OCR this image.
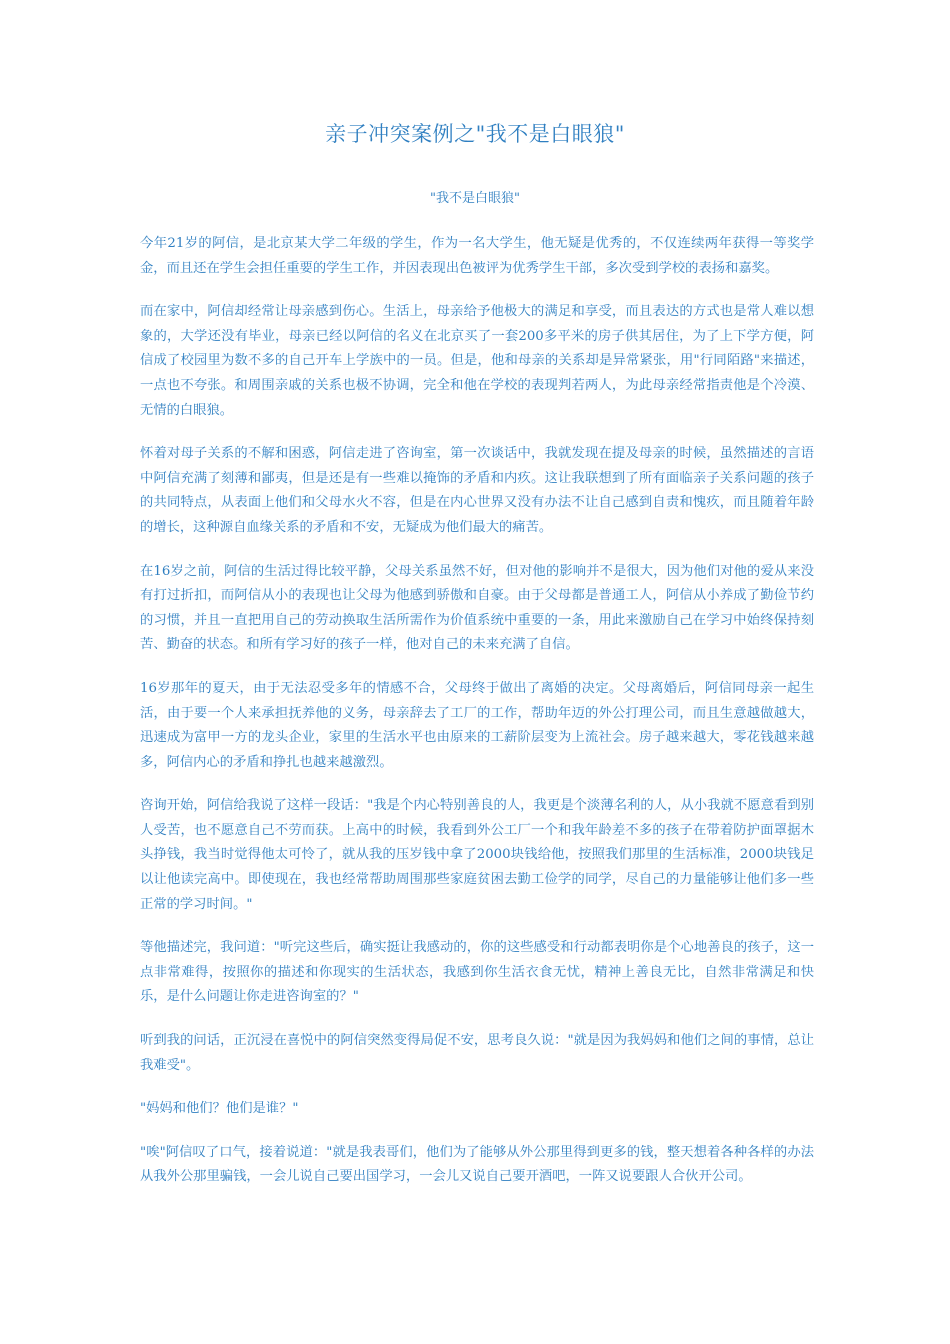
亲子冲突案例之"我不是白眼狼"
"我不是白眼狼"

今年21岁的阿信，是北京某大学二年级的学生，作为一名大学生，他无疑是优秀的，不仅连续两年获得一等奖学金，而且还在学生会担任重要的学生工作，并因表现出色被评为优秀学生干部，多次受到学校的表扬和嘉奖。

而在家中，阿信却经常让母亲感到伤心。生活上，母亲给予他极大的满足和享受，而且表达的方式也是常人难以想象的，大学还没有毕业，母亲已经以阿信的名义在北京买了一套200多平米的房子供其居住，为了上下学方便，阿信成了校园里为数不多的自己开车上学族中的一员。但是，他和母亲的关系却是异常紧张，用"行同陌路"来描述，一点也不夸张。和周围亲戚的关系也极不协调，完全和他在学校的表现判若两人，为此母亲经常指责他是个冷漠、无情的白眼狼。

怀着对母子关系的不解和困惑，阿信走进了咨询室，第一次谈话中，我就发现在提及母亲的时候，虽然描述的言语中阿信充满了刻薄和鄙夷，但是还是有一些难以掩饰的矛盾和内疚。这让我联想到了所有面临亲子关系问题的孩子的共同特点，从表面上他们和父母水火不容，但是在内心世界又没有办法不让自己感到自责和愧疚，而且随着年龄的增长，这种源自血缘关系的矛盾和不安，无疑成为他们最大的痛苦。

在16岁之前，阿信的生活过得比较平静，父母关系虽然不好，但对他的影响并不是很大，因为他们对他的爱从来没有打过折扣，而阿信从小的表现也让父母为他感到骄傲和自豪。由于父母都是普通工人，阿信从小养成了勤俭节约的习惯，并且一直把用自己的劳动换取生活所需作为价值系统中重要的一条，用此来激励自己在学习中始终保持刻苦、勤奋的状态。和所有学习好的孩子一样，他对自己的未来充满了自信。

16岁那年的夏天，由于无法忍受多年的情感不合，父母终于做出了离婚的决定。父母离婚后，阿信同母亲一起生活，由于要一个人来承担抚养他的义务，母亲辞去了工厂的工作，帮助年迈的外公打理公司，而且生意越做越大，迅速成为富甲一方的龙头企业，家里的生活水平也由原来的工薪阶层变为上流社会。房子越来越大，零花钱越来越多，阿信内心的矛盾和挣扎也越来越激烈。

咨询开始，阿信给我说了这样一段话："我是个内心特别善良的人，我更是个淡薄名利的人，从小我就不愿意看到别人受苦，也不愿意自己不劳而获。上高中的时候，我看到外公工厂一个和我年龄差不多的孩子在带着防护面罩据木头挣钱，我当时觉得他太可怜了，就从我的压岁钱中拿了2000块钱给他，按照我们那里的生活标准，2000块钱足以让他读完高中。即使现在，我也经常帮助周围那些家庭贫困去勤工俭学的同学，尽自己的力量能够让他们多一些正常的学习时间。"

等他描述完，我问道："听完这些后，确实挺让我感动的，你的这些感受和行动都表明你是个心地善良的孩子，这一点非常难得，按照你的描述和你现实的生活状态，我感到你生活衣食无忧，精神上善良无比，自然非常满足和快乐，是什么问题让你走进咨询室的？"

听到我的问话，正沉浸在喜悦中的阿信突然变得局促不安，思考良久说："就是因为我妈妈和他们之间的事情，总让我难受"。

"妈妈和他们？他们是谁？"

"唉"阿信叹了口气，接着说道："就是我表哥们，他们为了能够从外公那里得到更多的钱，整天想着各种各样的办法从我外公那里骗钱，一会儿说自己要出国学习，一会儿又说自己要开酒吧，一阵又说要跟人合伙开公司。
